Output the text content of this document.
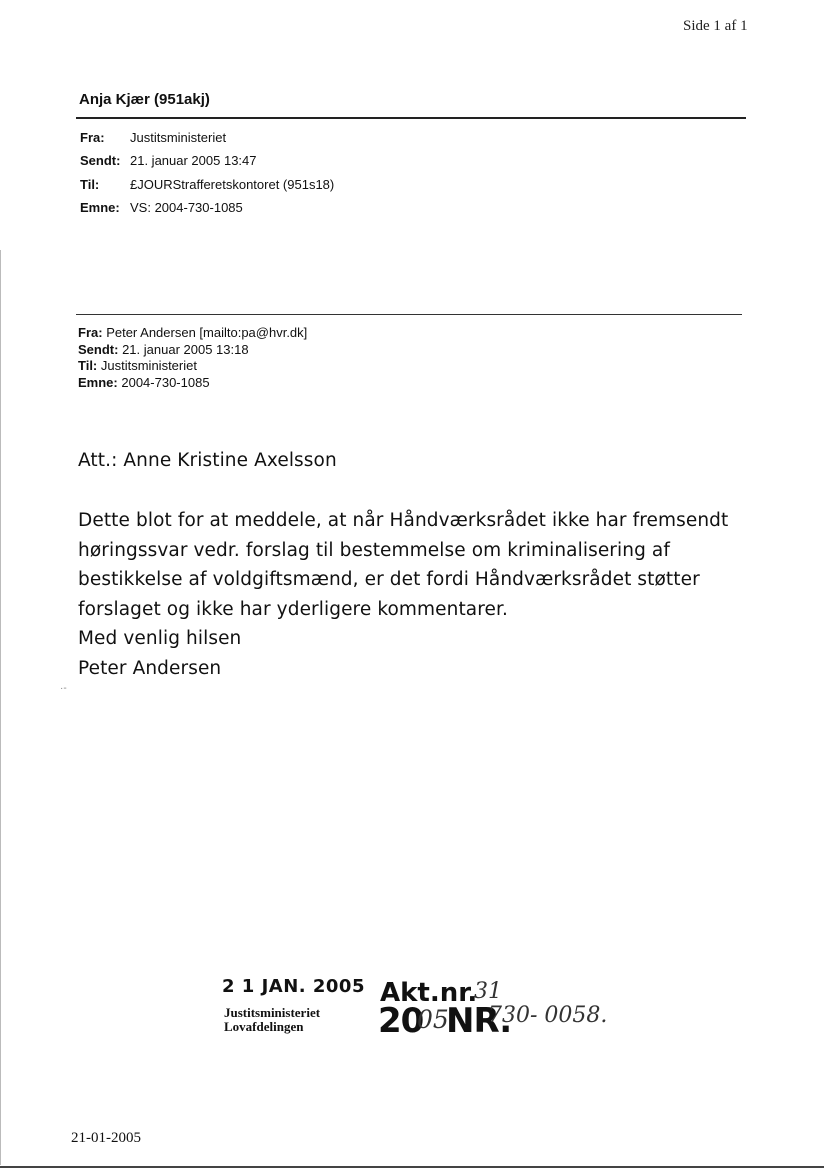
Side 1 af 1
Anja Kjær (951akj)
Fra: Justitsministeriet
Sendt: 21. januar 2005 13:47
Til: £JOURStrafferetskontoret (951s18)
Emne: VS: 2004-730-1085
Fra: Peter Andersen [mailto:pa@hvr.dk]
Sendt: 21. januar 2005 13:18
Til: Justitsministeriet
Emne: 2004-730-1085
Att.: Anne Kristine Axelsson
Dette blot for at meddele, at når Håndværksrådet ikke har fremsendt
høringssvar vedr. forslag til bestemmelse om kriminalisering af
bestikkelse af voldgiftsmænd, er det fordi Håndværksrådet støtter
forslaget og ikke har yderligere kommentarer.
Med venlig hilsen
Peter Andersen
·‑
2 1 JAN. 2005
Justitsministeriet
Lovafdelingen
Akt.nr.
31
20
05
NR.
730- 0058.
21-01-2005
